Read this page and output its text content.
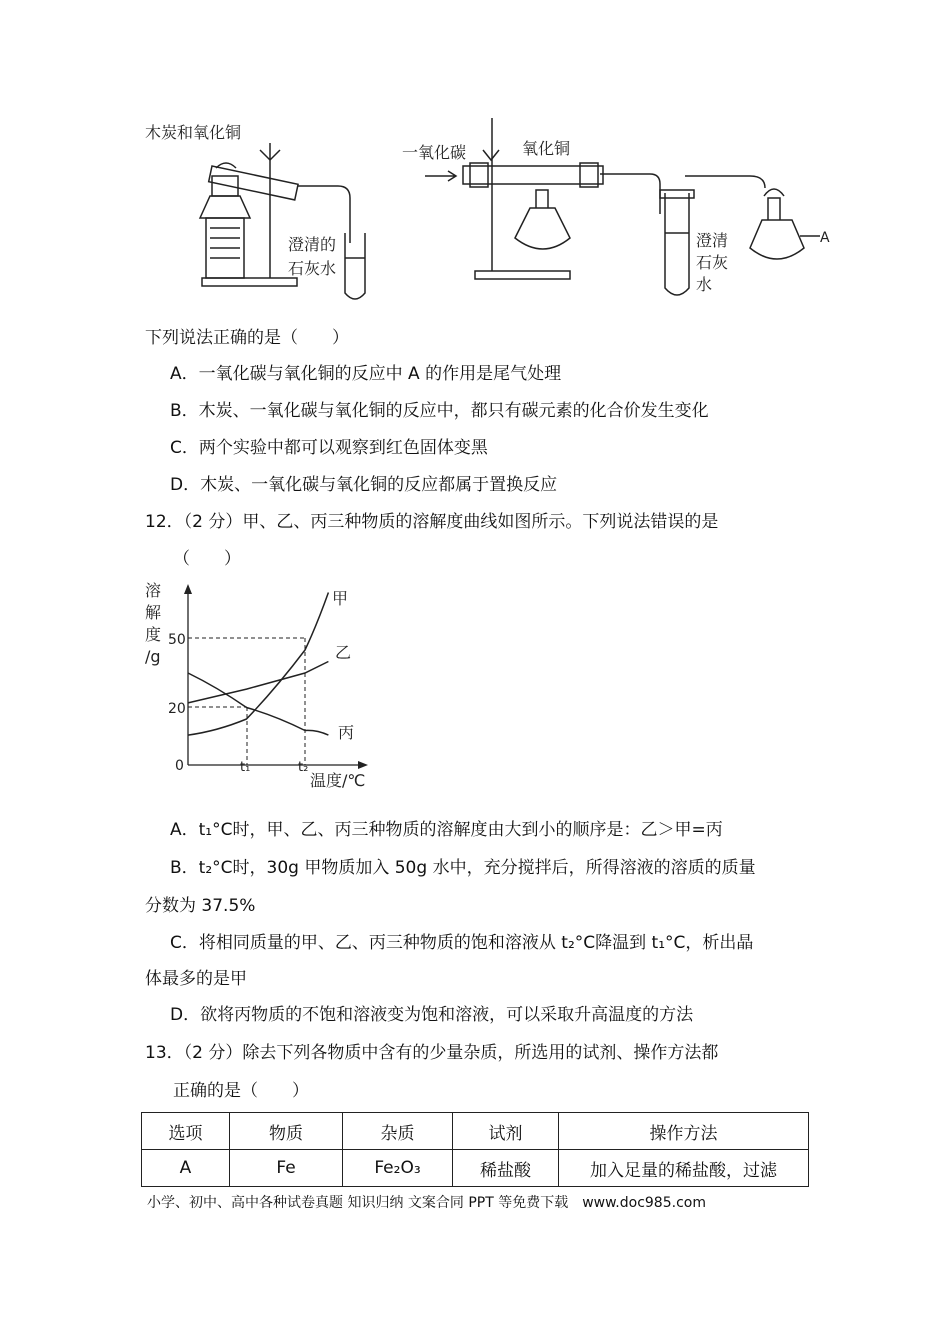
木炭和氧化铜
澄清的
石灰水
一氧化碳	氧化铜
澄清
石灰
水
A
下列说法正确的是（　　）
A．一氧化碳与氧化铜的反应中 A 的作用是尾气处理
B．木炭、一氧化碳与氧化铜的反应中，都只有碳元素的化合价发生变化
C．两个实验中都可以观察到红色固体变黑
D．木炭、一氧化碳与氧化铜的反应都属于置换反应
12．（2 分）甲、乙、丙三种物质的溶解度曲线如图所示。下列说法错误的是
（　　）
溶
解
度
/g
0
50
20
t₁	t₂
温度/℃
甲
乙
丙
A．t₁°C时，甲、乙、丙三种物质的溶解度由大到小的顺序是：乙＞甲=丙
B．t₂°C时，30g 甲物质加入 50g 水中，充分搅拌后，所得溶液的溶质的质量
分数为 37.5%
C．将相同质量的甲、乙、丙三种物质的饱和溶液从 t₂°C降温到 t₁°C，析出晶
体最多的是甲
D．欲将丙物质的不饱和溶液变为饱和溶液，可以采取升高温度的方法
13．（2 分）除去下列各物质中含有的少量杂质，所选用的试剂、操作方法都
正确的是（　　）
选项	物质	杂质	试剂	操作方法
A	Fe	Fe₂O₃	稀盐酸	加入足量的稀盐酸，过滤
小学、初中、高中各种试卷真题 知识归纳 文案合同 PPT 等免费下载　www.doc985.com
